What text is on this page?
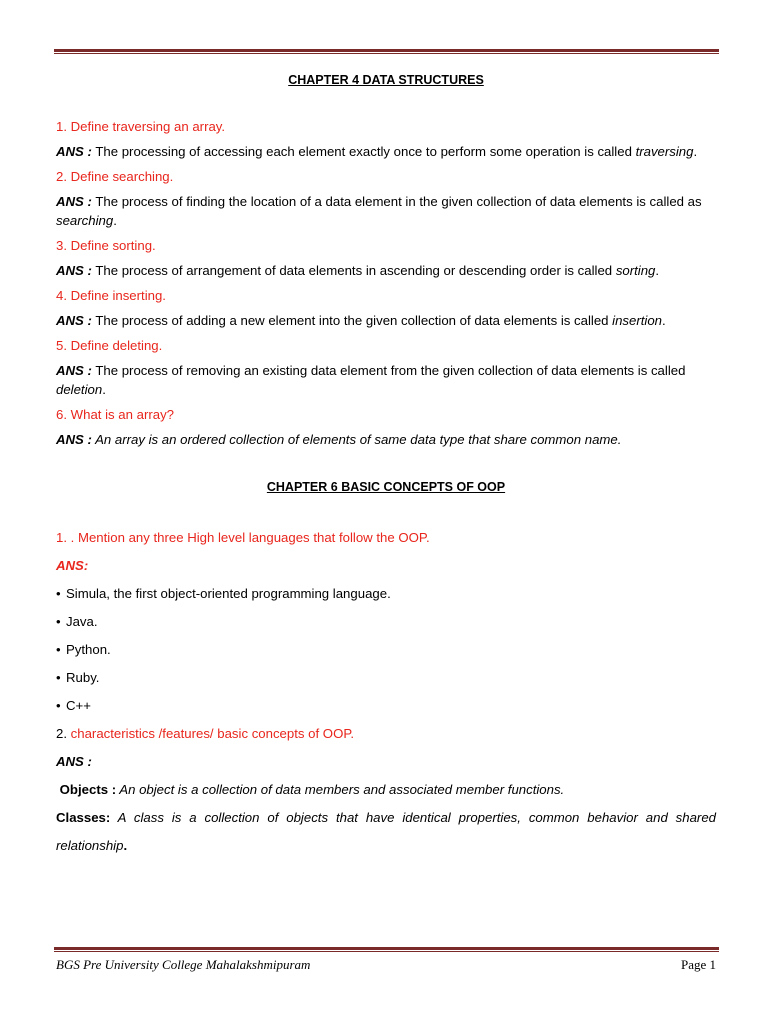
CHAPTER 4 DATA STRUCTURES

1. Define traversing an array.

ANS : The processing of accessing each element exactly once to perform some operation is called traversing.

2. Define searching.

ANS : The process of finding the location of a data element in the given collection of data elements is called as searching.

3. Define sorting.

ANS : The process of arrangement of data elements in ascending or descending order is called sorting.

4. Define inserting.

ANS : The process of adding a new element into the given collection of data elements is called insertion.

5. Define deleting.

ANS : The process of removing an existing data element from the given collection of data elements is called deletion.

6. What is an array?

ANS : An array is an ordered collection of elements of same data type that share common name.

CHAPTER 6 BASIC CONCEPTS OF OOP

1. . Mention any three High level languages that follow the OOP.

ANS:

• Simula, the first object-oriented programming language.

• Java.

• Python.

• Ruby.

• C++

2. characteristics /features/ basic concepts of OOP.

ANS :

Objects : An object is a collection of data members and associated member functions.

Classes: A class is a collection of objects that have identical properties, common behavior and shared relationship.

BGS Pre University College Mahalakshmipuram	Page 1
